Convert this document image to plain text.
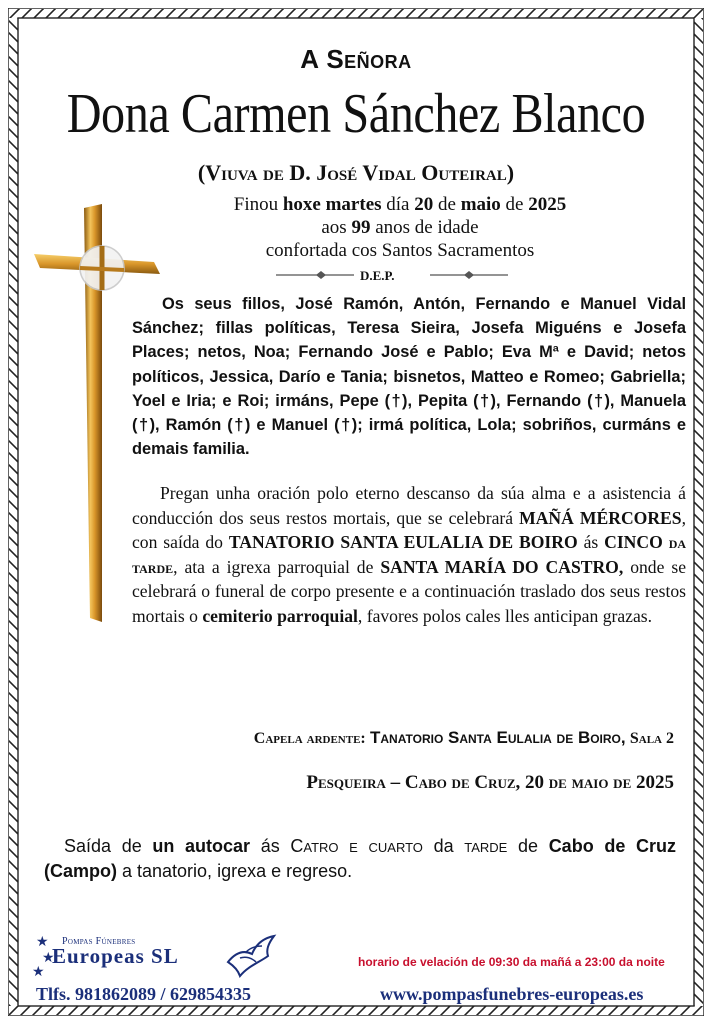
A Señora
Dona Carmen Sánchez Blanco
(Viuva de D. José Vidal Outeiral)
Finou hoxe martes día 20 de maio de 2025
aos 99 anos de idade
confortada cos Santos Sacramentos
D.E.P.
Os seus fillos, José Ramón, Antón, Fernando e Manuel Vidal Sánchez; fillas políticas, Teresa Sieira, Josefa Miguéns e Josefa Places; netos, Noa; Fernando José e Pablo; Eva Mª e David; netos políticos, Jessica, Darío e Tania; bisnetos, Matteo e Romeo; Gabriella; Yoel e Iria; e Roi; irmáns, Pepe (†), Pepita (†), Fernando (†), Manuela (†), Ramón (†) e Manuel (†); irmá política, Lola; sobriños, curmáns e demais familia.
Pregan unha oración polo eterno descanso da súa alma e a asistencia á conducción dos seus restos mortais, que se celebrará MAÑÁ MÉRCORES, con saída do TANATORIO SANTA EULALIA DE BOIRO ás CINCO da tarde, ata a igrexa parroquial de SANTA MARÍA DO CASTRO, onde se celebrará o funeral de corpo presente e a continuación traslado dos seus restos mortais o cemiterio parroquial, favores polos cales lles anticipan grazas.
Capela ardente: Tanatorio Santa Eulalia de Boiro, Sala 2
Pesqueira – Cabo de Cruz, 20 de maio de 2025
Saída de un autocar ás Catro e cuarto da tarde de Cabo de Cruz (Campo) a tanatorio, igrexa e regreso.
★
★
★
Pompas Fúnebres
Europeas SL	horario de velación de 09:30 da mañá a 23:00 da noite
Tlfs. 981862089 / 629854335	www.pompasfunebres-europeas.es
